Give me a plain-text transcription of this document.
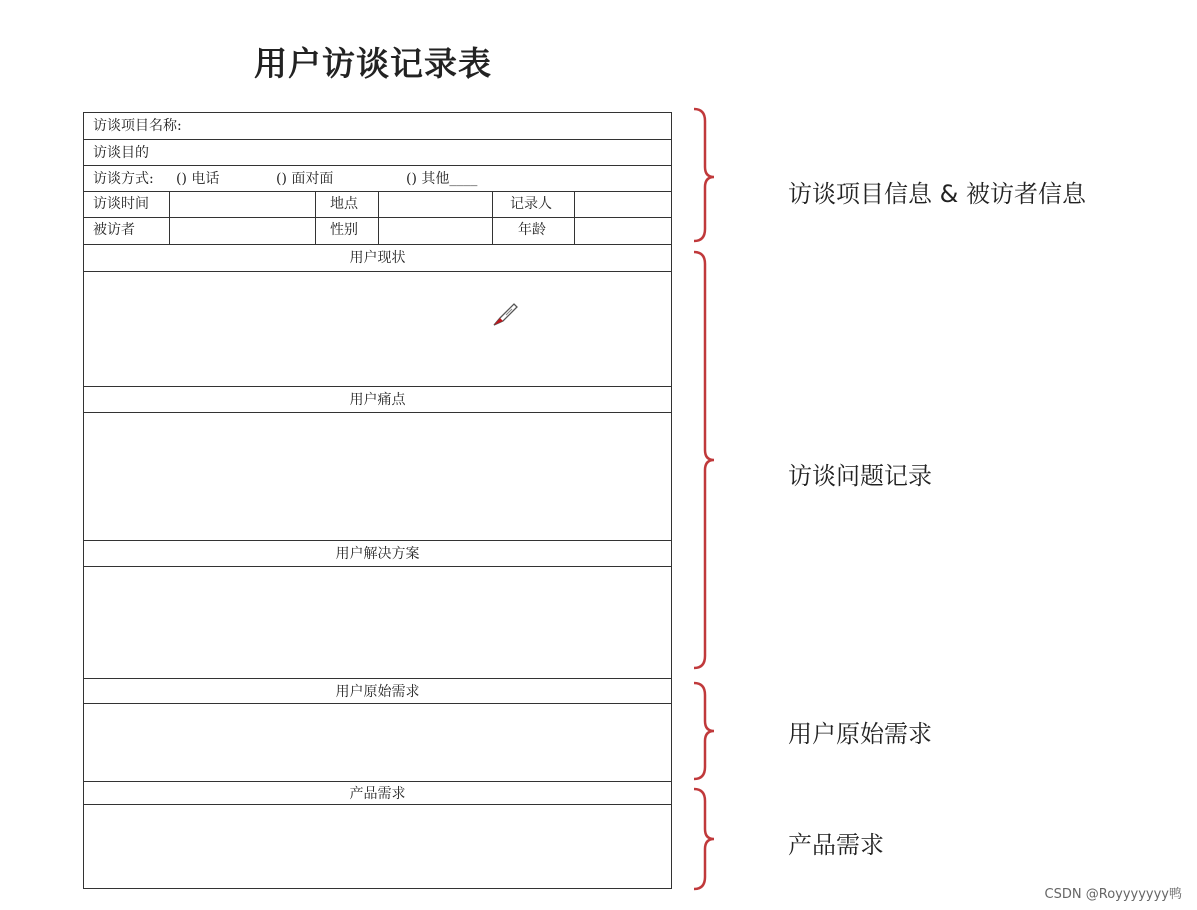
用户访谈记录表
访谈项目名称:
访谈目的
访谈方式: () 电话	() 面对面	() 其他____
访谈时间	地点	记录人
被访者	性别	年龄
用户现状
用户痛点
用户解决方案
用户原始需求
产品需求
访谈项目信息 & 被访者信息
访谈问题记录
用户原始需求
产品需求
CSDN @Royyyyyyy鸭
